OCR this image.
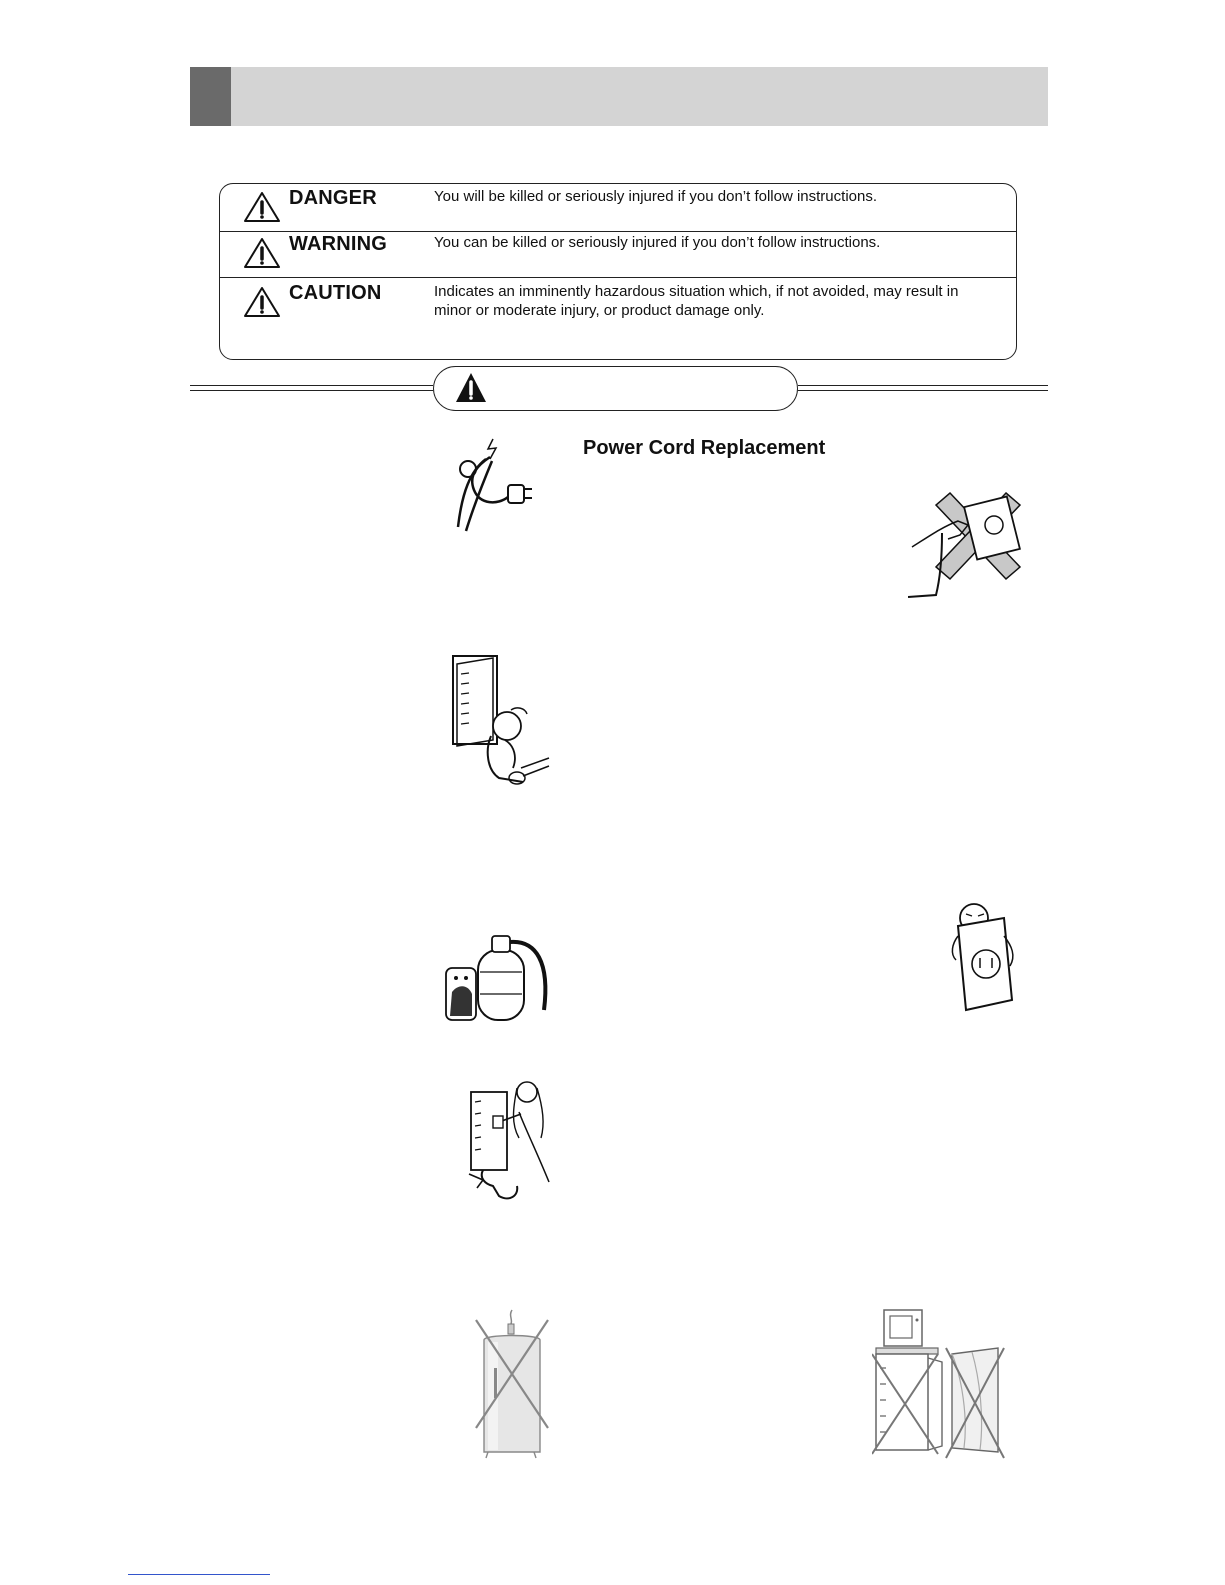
DANGER	You will be killed or seriously injured if you don’t follow instructions.
WARNING	You can be killed or seriously injured if you don’t follow instructions.
CAUTION	Indicates an imminently hazardous situation which, if not avoided, may result in minor or moderate injury, or product damage only.
Power Cord Replacement
